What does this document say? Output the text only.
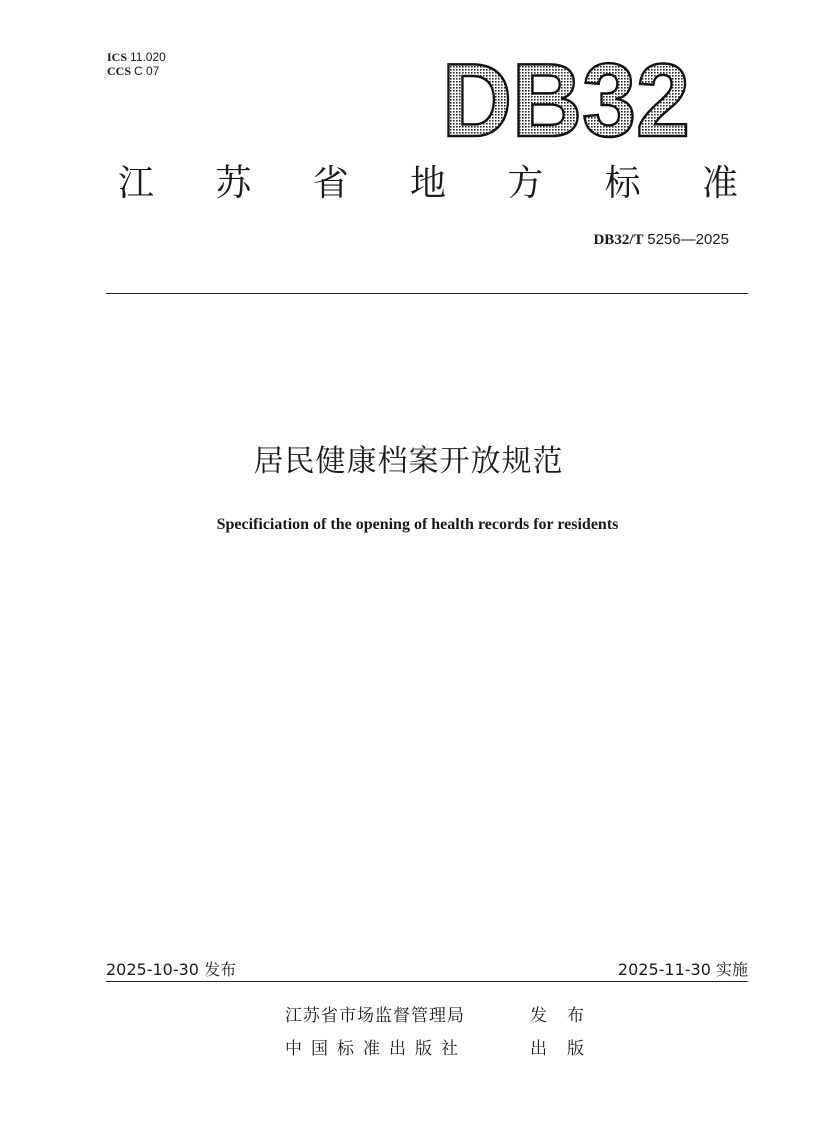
ICS 11.020
CCS C 07	DB32
江 苏 省 地 方 标 准
DB32/T 5256—2025
居民健康档案开放规范
Specificiation of the opening of health records for residents
2025-10-30 发布	2025-11-30 实施
江苏省市场监督管理局	发布
中国标准出版社	出版
